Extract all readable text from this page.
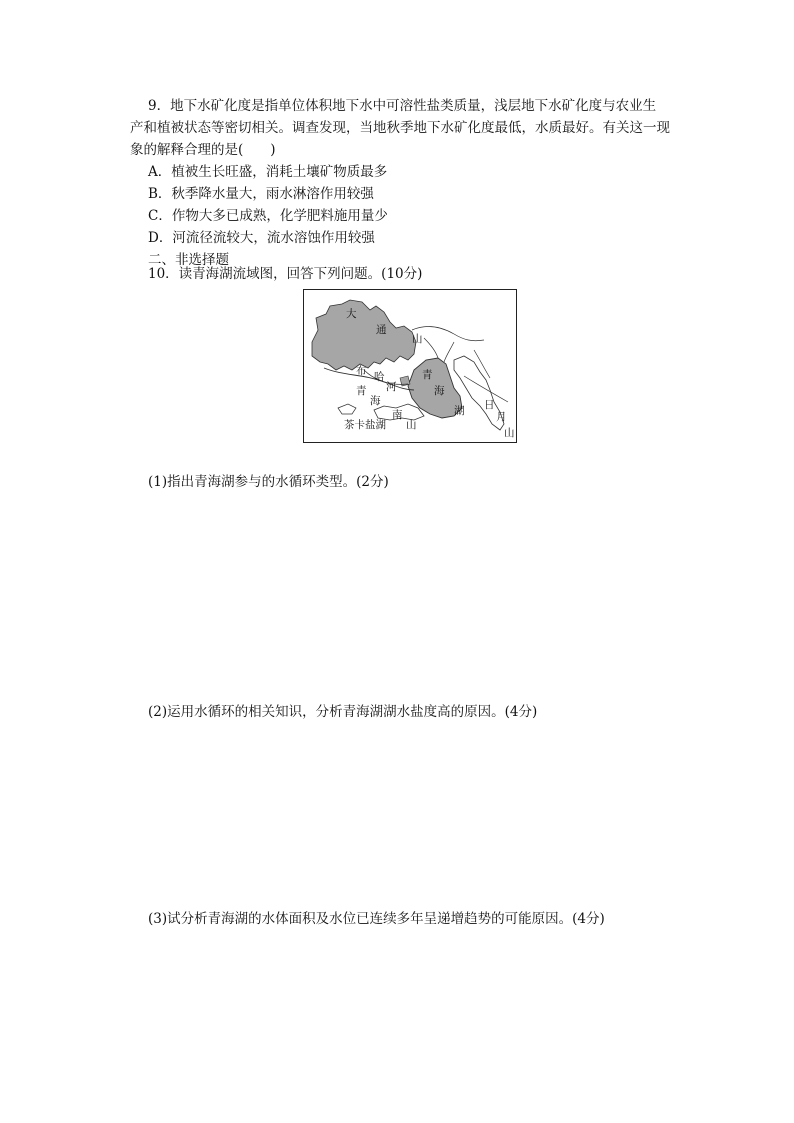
9．地下水矿化度是指单位体积地下水中可溶性盐类质量，浅层地下水矿化度与农业生
产和植被状态等密切相关。调查发现，当地秋季地下水矿化度最低，水质最好。有关这一现
象的解释合理的是(　　)
A．植被生长旺盛，消耗土壤矿物质最多
B．秋季降水量大，雨水淋溶作用较强
C．作物大多已成熟，化学肥料施用量少
D．河流径流较大，流水溶蚀作用较强
二、非选择题
10．读青海湖流域图，回答下列问题。(10分)
大
通
山
布 哈
河
青
海
南
山
茶卡盐湖
青
海
湖 日
月
山
(1)指出青海湖参与的水循环类型。(2分)
(2)运用水循环的相关知识，分析青海湖湖水盐度高的原因。(4分)
(3)试分析青海湖的水体面积及水位已连续多年呈递增趋势的可能原因。(4分)
